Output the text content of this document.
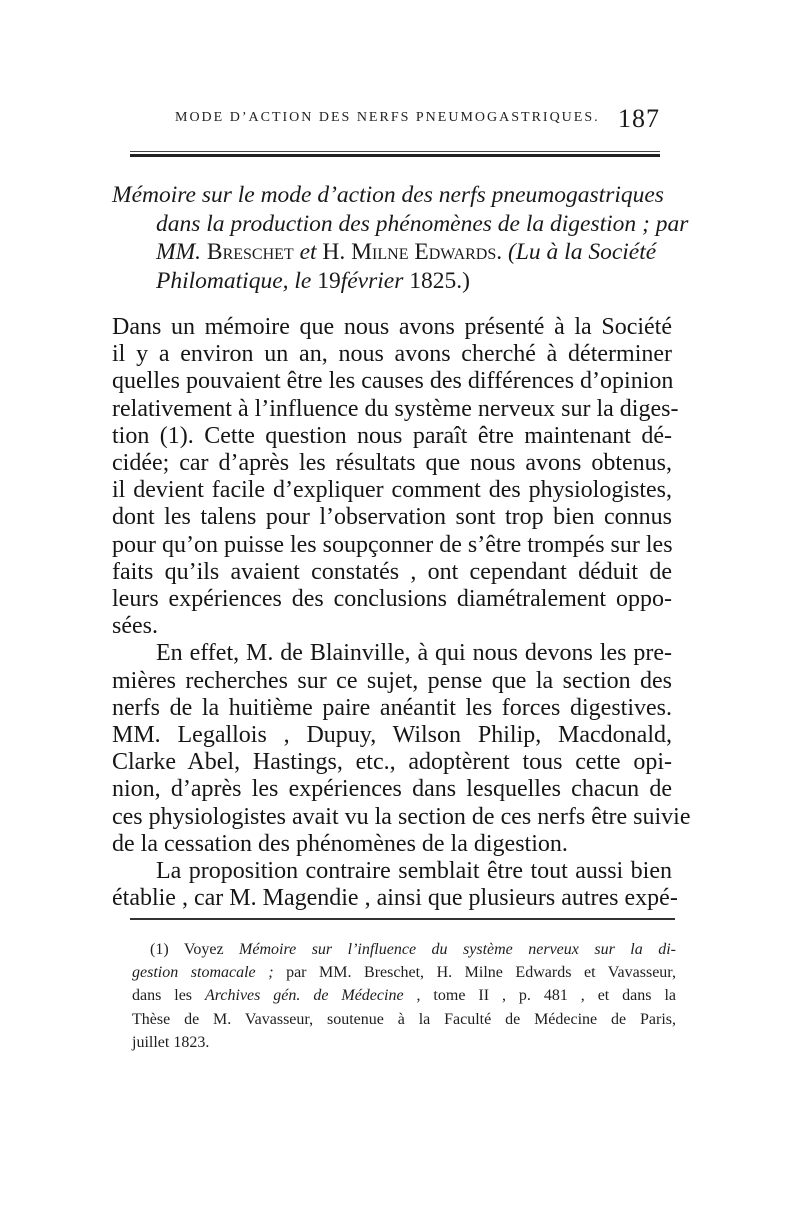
MODE D’ACTION DES NERFS PNEUMOGASTRIQUES. 187
Mémoire sur le mode d’action des nerfs pneumogastriques
dans la production des phénomènes de la digestion ; par
MM. Breschet et H. Milne Edwards. (Lu à la Société
Philomatique, le 19février 1825.)
Dans un mémoire que nous avons présenté à la Société
il y a environ un an, nous avons cherché à déterminer
quelles pouvaient être les causes des différences d’opinion
relativement à l’influence du système nerveux sur la diges-
tion (1). Cette question nous paraît être maintenant dé-
cidée; car d’après les résultats que nous avons obtenus,
il devient facile d’expliquer comment des physiologistes,
dont les talens pour l’observation sont trop bien connus
pour qu’on puisse les soupçonner de s’être trompés sur les
faits qu’ils avaient constatés , ont cependant déduit de
leurs expériences des conclusions diamétralement oppo-
sées.
En effet, M. de Blainville, à qui nous devons les pre-
mières recherches sur ce sujet, pense que la section des
nerfs de la huitième paire anéantit les forces digestives.
MM. Legallois , Dupuy, Wilson Philip, Macdonald,
Clarke Abel, Hastings, etc., adoptèrent tous cette opi-
nion, d’après les expériences dans lesquelles chacun de
ces physiologistes avait vu la section de ces nerfs être suivie
de la cessation des phénomènes de la digestion.
La proposition contraire semblait être tout aussi bien
établie , car M. Magendie , ainsi que plusieurs autres expé-
(1) Voyez Mémoire sur l’influence du système nerveux sur la di-
gestion stomacale ; par MM. Breschet, H. Milne Edwards et Vavasseur,
dans les Archives gén. de Médecine , tome II , p. 481 , et dans la
Thèse de M. Vavasseur, soutenue à la Faculté de Médecine de Paris,
juillet 1823.
